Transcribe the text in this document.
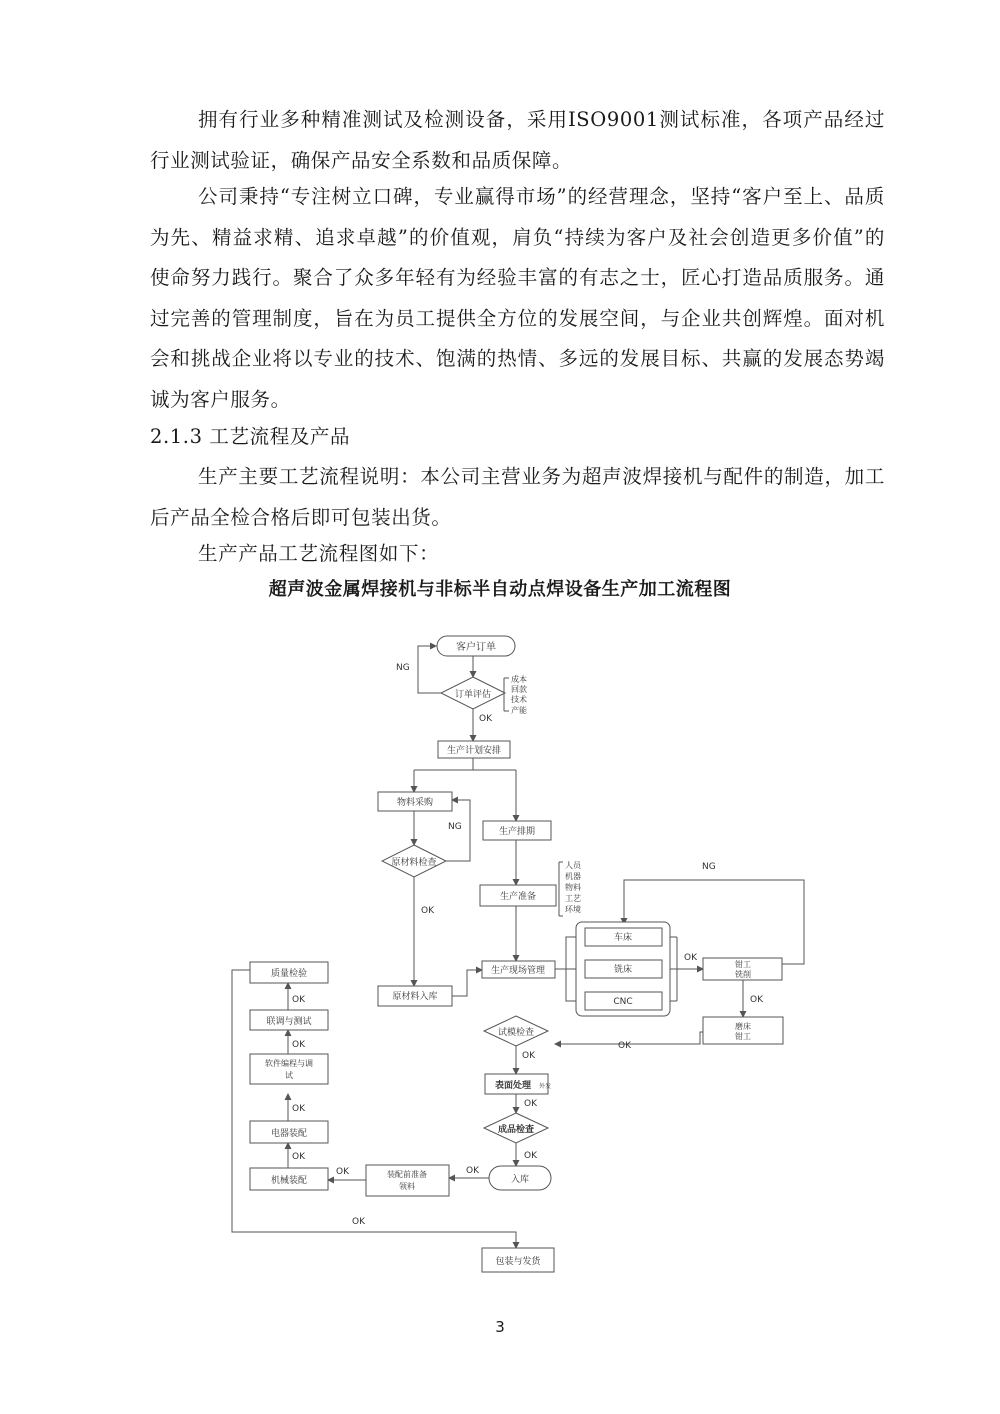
拥有行业多种精准测试及检测设备，采用ISO9001测试标准，各项产品经过行业测试验证，确保产品安全系数和品质保障。

公司秉持“专注树立口碑，专业赢得市场”的经营理念，坚持“客户至上、品质为先、精益求精、追求卓越”的价值观，肩负“持续为客户及社会创造更多价值”的使命努力践行。聚合了众多年轻有为经验丰富的有志之士，匠心打造品质服务。通过完善的管理制度，旨在为员工提供全方位的发展空间，与企业共创辉煌。面对机会和挑战企业将以专业的技术、饱满的热情、多远的发展目标、共赢的发展态势竭诚为客户服务。

2.1.3 工艺流程及产品

生产主要工艺流程说明：本公司主营业务为超声波焊接机与配件的制造，加工后产品全检合格后即可包装出货。

生产产品工艺流程图如下：

超声波金属焊接机与非标半自动点焊设备生产加工流程图

成本
回款
技术
产能
人员
机器
物料
工艺
环境
客户订单
订单评估
生产计划安排
物料采购
原材料检查
原材料入库
生产排期
生产准备
生产现场管理
车床
铣床
CNC
钳工
铣削
磨床
钳工
试模检查
表面处理 外发
成品检查
入库
装配前准备
领料
机械装配
电器装配
软件编程与调
试
联调与测试
质量检验
包装与发货
NG
OK
NG
OK
NG
OK
OK
OK
OK
OK
OK
OK
OK
OK
OK
OK
OK
OK

3
